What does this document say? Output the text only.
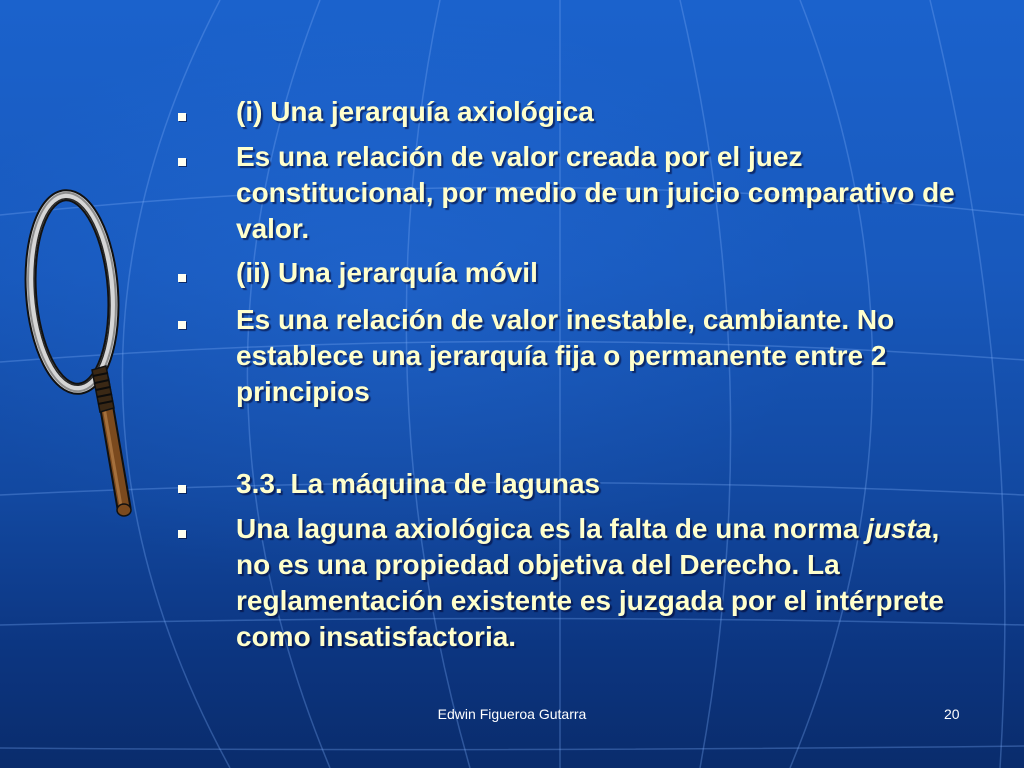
(i) Una jerarquía axiológica
Es una relación de valor creada por el juez
constitucional, por medio de un juicio comparativo de
valor.
(ii) Una jerarquía móvil
Es una relación de valor inestable, cambiante. No
establece una jerarquía fija o permanente entre 2
principios
3.3. La máquina de lagunas
Una laguna axiológica es la falta de una norma justa,
no es una propiedad objetiva del Derecho. La
reglamentación existente es juzgada por el intérprete
como insatisfactoria.
Edwin Figueroa Gutarra	20
